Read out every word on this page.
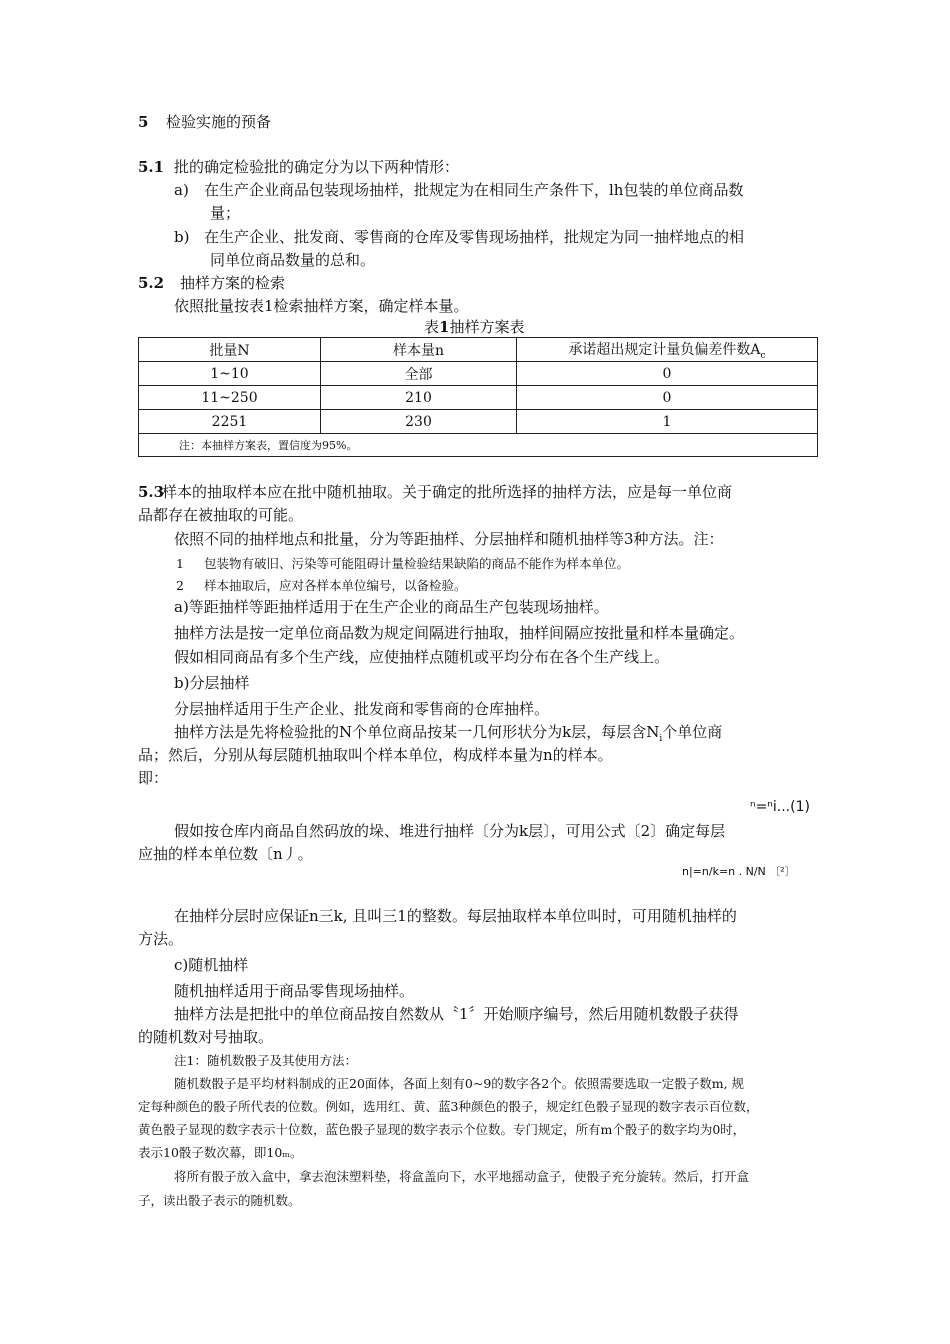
5 检验实施的预备
5.1 批的确定检验批的确定分为以下两种情形：
a) 在生产企业商品包装现场抽样，批规定为在相同生产条件下，lh包装的单位商品数
量；
b) 在生产企业、批发商、零售商的仓库及零售现场抽样，批规定为同一抽样地点的相
同单位商品数量的总和。
5.2 抽样方案的检索
依照批量按表1检索抽样方案，确定样本量。
表1抽样方案表
批量N	样本量n	承诺超出规定计量负偏差件数$A_c$
1~10	全部	0
11~250	210	0
2251	230	1
注：本抽样方案表，置信度为95%。		
5.3
样本的抽取样本应在批中随机抽取。关于确定的批所选择的抽样方法，应是每一单位商
品都存在被抽取的可能。
依照不同的抽样地点和批量，分为等距抽样、分层抽样和随机抽样等3种方法。注：
1 包装物有破旧、污染等可能阻碍计量检验结果缺陷的商品不能作为样本单位。
2 样本抽取后，应对各样本单位编号，以备检验。
a)等距抽样等距抽样适用于在生产企业的商品生产包装现场抽样。
抽样方法是按一定单位商品数为规定间隔进行抽取，抽样间隔应按批量和样本量确定。
假如相同商品有多个生产线，应使抽样点随机或平均分布在各个生产线上。
b)分层抽样
分层抽样适用于生产企业、批发商和零售商的仓库抽样。
抽样方法是先将检验批的N个单位商品按某一几何形状分为k层，每层含$N_i$个单位商
品；然后，分别从每层随机抽取叫个样本单位，构成样本量为n的样本。
即：
ⁿ=ⁿi...(1)
假如按仓库内商品自然码放的垛、堆进行抽样〔分为k层〕，可用公式〔2〕确定每层
应抽的样本单位数〔n丿。
n|=n/k=n . N/N 〔²〕
在抽样分层时应保证n三k, 且叫三1的整数。每层抽取样本单位叫时，可用随机抽样的
方法。
c)随机抽样
随机抽样适用于商品零售现场抽样。
抽样方法是把批中的单位商品按自然数从〝1〞开始顺序编号，然后用随机数骰子获得
的随机数对号抽取。
注1：随机数骰子及其使用方法：
随机数骰子是平均材料制成的正20面体，各面上刻有0~9的数字各2个。依照需要选取一定骰子数m, 规
定每种颜色的骰子所代表的位数。例如，选用红、黄、蓝3种颜色的骰子，规定红色骰子显现的数字表示百位数，
黄色骰子显现的数字表示十位数，蓝色骰子显现的数字表示个位数。专门规定，所有m个骰子的数字均为0时，
表示10骰子数次幕，即10ₘ。
将所有骰子放入盒中，拿去泡沫塑料垫，将盒盖向下，水平地摇动盒子，使骰子充分旋转。然后，打开盒
子，读出骰子表示的随机数。
